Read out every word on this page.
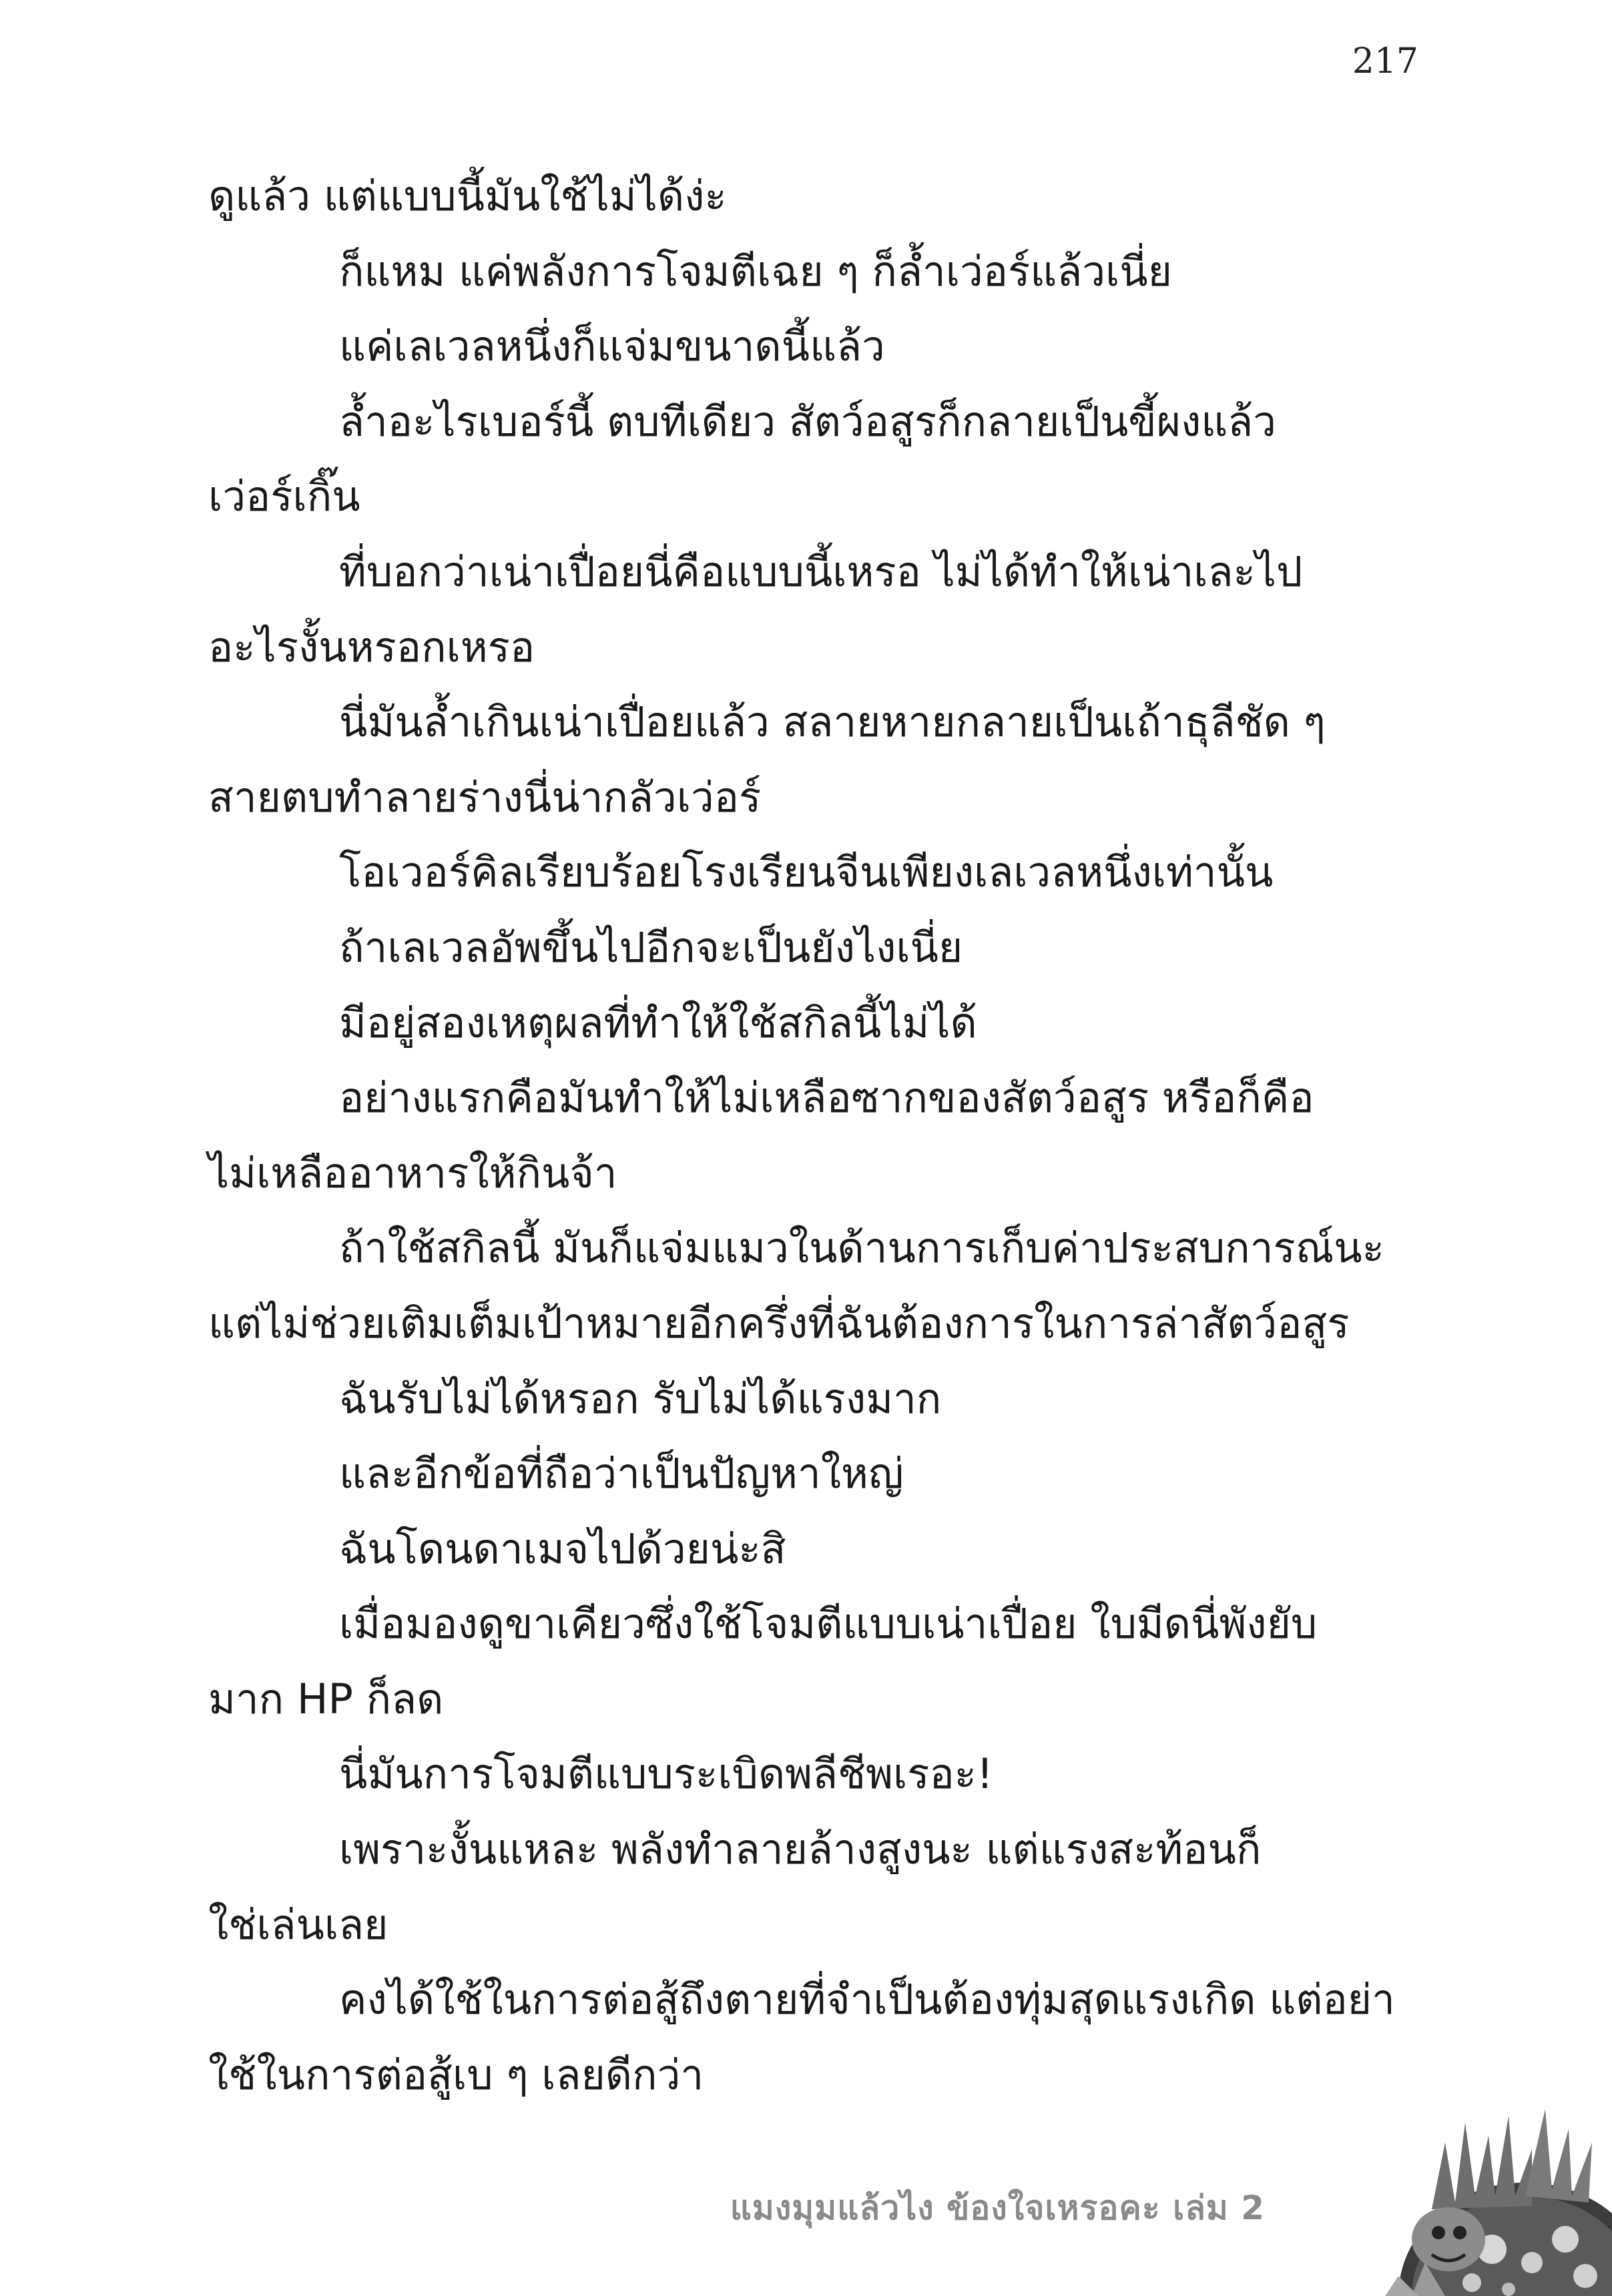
217
ดูแล้ว แต่แบบนี้มันใช้ไม่ได้ง่ะ
ก็แหม แค่พลังการโจมตีเฉย ๆ ก็ล้ำเว่อร์แล้วเนี่ย
แค่เลเวลหนึ่งก็แจ่มขนาดนี้แล้ว
ล้ำอะไรเบอร์นี้ ตบทีเดียว สัตว์อสูรก็กลายเป็นขี้ผงแล้ว
เว่อร์เกิ๊น
ที่บอกว่าเน่าเปื่อยนี่คือแบบนี้เหรอ ไม่ได้ทำให้เน่าเละไป
อะไรงั้นหรอกเหรอ
นี่มันล้ำเกินเน่าเปื่อยแล้ว สลายหายกลายเป็นเถ้าธุลีชัด ๆ
สายตบทำลายร่างนี่น่ากลัวเว่อร์
โอเวอร์คิลเรียบร้อยโรงเรียนจีนเพียงเลเวลหนึ่งเท่านั้น
ถ้าเลเวลอัพขึ้นไปอีกจะเป็นยังไงเนี่ย
มีอยู่สองเหตุผลที่ทำให้ใช้สกิลนี้ไม่ได้
อย่างแรกคือมันทำให้ไม่เหลือซากของสัตว์อสูร หรือก็คือ
ไม่เหลืออาหารให้กินจ้า
ถ้าใช้สกิลนี้ มันก็แจ่มแมวในด้านการเก็บค่าประสบการณ์นะ
แต่ไม่ช่วยเติมเต็มเป้าหมายอีกครึ่งที่ฉันต้องการในการล่าสัตว์อสูร
ฉันรับไม่ได้หรอก รับไม่ได้แรงมาก
และอีกข้อที่ถือว่าเป็นปัญหาใหญ่
ฉันโดนดาเมจไปด้วยน่ะสิ
เมื่อมองดูขาเคียวซึ่งใช้โจมตีแบบเน่าเปื่อย ใบมีดนี่พังยับ
มาก HP ก็ลด
นี่มันการโจมตีแบบระเบิดพลีชีพเรอะ!
เพราะงั้นแหละ พลังทำลายล้างสูงนะ แต่แรงสะท้อนก็
ใช่เล่นเลย
คงได้ใช้ในการต่อสู้ถึงตายที่จำเป็นต้องทุ่มสุดแรงเกิด แต่อย่า
ใช้ในการต่อสู้เบ ๆ เลยดีกว่า
แมงมุมแล้วไง ข้องใจเหรอคะ เล่ม 2
